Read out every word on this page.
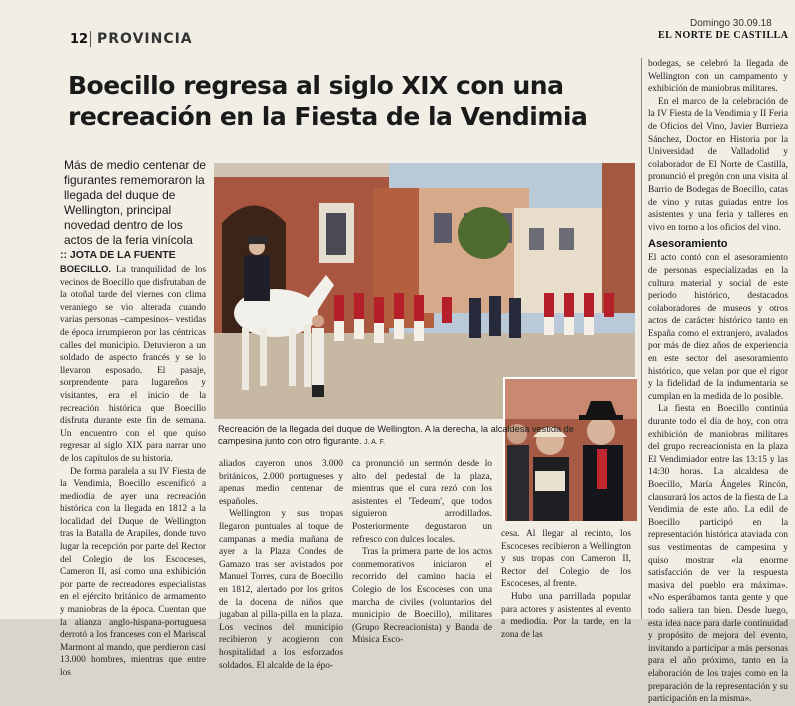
12 PROVINCIA
Domingo 30.09.18
EL NORTE DE CASTILLA
Boecillo regresa al siglo XIX con una recreación en la Fiesta de la Vendimia
Más de medio centenar de figurantes rememoraron la llegada del duque de Wellington, principal novedad dentro de los actos de la feria vinícola
:: JOTA DE LA FUENTE

BOECILLO. La tranquilidad de los vecinos de Boecillo que disfrutaban de la otoñal tarde del viernes con clima veraniego se vio alterada cuando varias personas –campesinos– vestidas de época irrumpieron por las céntricas calles del municipio. Detuvieron a un soldado de aspecto francés y se lo llevaron esposado. El pasaje, sorprendente para lugareños y visitantes, era el inicio de la recreación histórica que Boecillo disfruta durante este fin de semana. Un encuentro con el que quiso regresar al siglo XIX para narrar uno de los capítulos de su historia.

De forma paralela a su IV Fiesta de la Vendimia, Boecillo escenificó a mediodía de ayer una recreación histórica con la llegada en 1812 a la localidad del Duque de Wellington tras la Batalla de Arapiles, donde tuvo lugar la recepción por parte del Rector del Colegio de los Escoceses, Cameron II, así como una exhibición por parte de recreadores especialistas en el ejército británico de armamento y maniobras de la época. Cuentan que la alianza anglo-hispana-portuguesa derrotó a los franceses con el Mariscal Marmont al mando, que perdieron casi 13.000 hombres, mientras que entre los

Recreación de la llegada del duque de Wellington. A la derecha, la alcaldesa vestida de campesina junto con otro figurante. J. A. F.

aliados cayeron unos 3.000 británicos, 2.000 portugueses y apenas medio centenar de españoles.

Wellington y sus tropas llegaron puntuales al toque de campanas a media mañana de ayer a la Plaza Condes de Gamazo tras ser avistados por Manuel Torres, cura de Boecillo en 1812, alertado por los gritos de la docena de niños que jugaban al pilla-pilla en la plaza. Los vecinos del municipio recibieron y acogieron con hospitalidad a los esforzados soldados. El alcalde de la épo-

ca pronunció un sermón desde lo alto del pedestal de la plaza, mientras que el cura rezó con los asistentes el 'Tedeum', que todos siguieron arrodillados. Posteriormente degustaron un refresco con dulces locales.

Tras la primera parte de los actos conmemorativos iniciaron el recorrido del camino hacia el Colegio de los Escoceses con una marcha de civiles (voluntarios del municipio de Boecillo), militares (Grupo Recreacionista) y Banda de Música Esco-

cesa. Al llegar al recinto, los Escoceses recibieron a Wellington y sus tropas con Cameron II, Rector del Colegio de los Escoceses, al frente.

Hubo una parrillada popular para actores y asistentes al evento a mediodía. Por la tarde, en la zona de las

bodegas, se celebró la llegada de Wellington con un campamento y exhibición de maniobras militares.

En el marco de la celebración de la IV Fiesta de la Vendimia y II Feria de Oficios del Vino, Javier Burrieza Sánchez, Doctor en Historia por la Universidad de Valladolid y colaborador de El Norte de Castilla, pronunció el pregón con una visita al Barrio de Bodegas de Boecillo, catas de vino y rutas guiadas entre los asistentes y una feria y talleres en vivo en torno a los oficios del vino.

Asesoramiento

El acto contó con el asesoramiento de personas especializadas en la cultura material y social de este periodo histórico, destacados colaboradores de museos y otros actos de carácter histórico tanto en España como el extranjero, avalados por más de diez años de experiencia en este sector del asesoramiento histórico, que velan por que el rigor y la fidelidad de la indumentaria se cumplan en la medida de lo posible.

La fiesta en Boecillo continúa durante todo el día de hoy, con otra exhibición de maniobras militares del grupo recreacionista en la plaza El Vendimiador entre las 13:15 y las 14:30 horas. La alcaldesa de Boecillo, María Ángeles Rincón, clausurará los actos de la fiesta de La Vendimia de este año. La edil de Boecillo participó en la representación histórica ataviada con sus vestimentas de campesina y quiso mostrar «la enorme satisfacción de ver la respuesta masiva del pueblo era máxima». «No esperábamos tanta gente y que todo saliera tan bien. Desde luego, esta idea nace para darle continuidad y propósito de mejora del evento, invitando a participar a más personas para el año próximo, tanto en la elaboración de los trajes como en la preparación de la representación y su participación en la misma».
